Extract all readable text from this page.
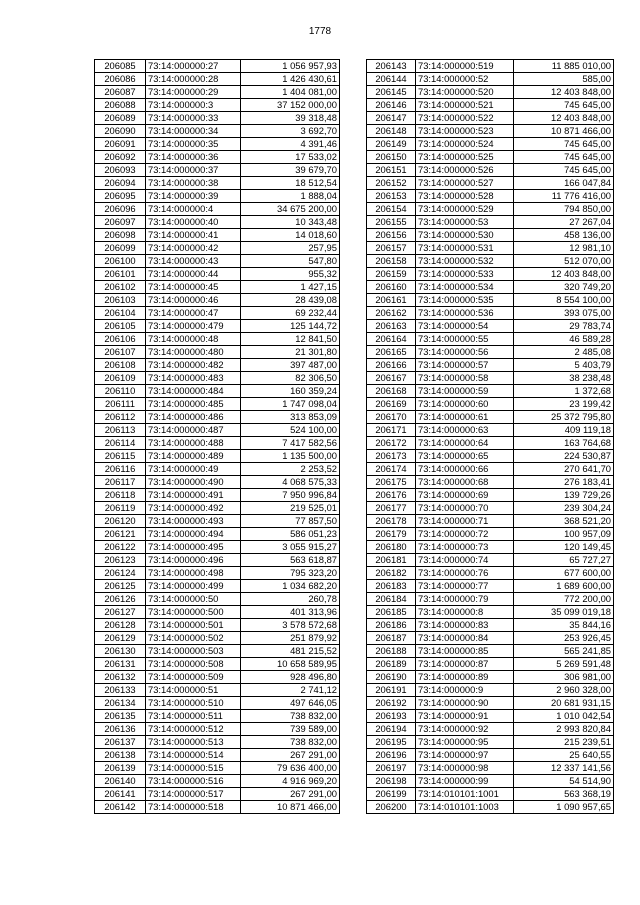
1778
206085	73:14:000000:27	1 056 957,93
206086	73:14:000000:28	1 426 430,61
206087	73:14:000000:29	1 404 081,00
206088	73:14:000000:3	37 152 000,00
206089	73:14:000000:33	39 318,48
206090	73:14:000000:34	3 692,70
206091	73:14:000000:35	4 391,46
206092	73:14:000000:36	17 533,02
206093	73:14:000000:37	39 679,70
206094	73:14:000000:38	18 512,54
206095	73:14:000000:39	1 888,04
206096	73:14:000000:4	34 675 200,00
206097	73:14:000000:40	10 343,48
206098	73:14:000000:41	14 018,60
206099	73:14:000000:42	257,95
206100	73:14:000000:43	547,80
206101	73:14:000000:44	955,32
206102	73:14:000000:45	1 427,15
206103	73:14:000000:46	28 439,08
206104	73:14:000000:47	69 232,44
206105	73:14:000000:479	125 144,72
206106	73:14:000000:48	12 841,50
206107	73:14:000000:480	21 301,80
206108	73:14:000000:482	397 487,00
206109	73:14:000000:483	82 306,50
206110	73:14:000000:484	160 359,24
206111	73:14:000000:485	1 747 098,04
206112	73:14:000000:486	313 853,09
206113	73:14:000000:487	524 100,00
206114	73:14:000000:488	7 417 582,56
206115	73:14:000000:489	1 135 500,00
206116	73:14:000000:49	2 253,52
206117	73:14:000000:490	4 068 575,33
206118	73:14:000000:491	7 950 996,84
206119	73:14:000000:492	219 525,01
206120	73:14:000000:493	77 857,50
206121	73:14:000000:494	586 051,23
206122	73:14:000000:495	3 055 915,27
206123	73:14:000000:496	563 618,87
206124	73:14:000000:498	795 323,20
206125	73:14:000000:499	1 034 682,20
206126	73:14:000000:50	260,78
206127	73:14:000000:500	401 313,96
206128	73:14:000000:501	3 578 572,68
206129	73:14:000000:502	251 879,92
206130	73:14:000000:503	481 215,52
206131	73:14:000000:508	10 658 589,95
206132	73:14:000000:509	928 496,80
206133	73:14:000000:51	2 741,12
206134	73:14:000000:510	497 646,05
206135	73:14:000000:511	738 832,00
206136	73:14:000000:512	739 589,00
206137	73:14:000000:513	738 832,00
206138	73:14:000000:514	267 291,00
206139	73:14:000000:515	79 636 400,00
206140	73:14:000000:516	4 916 969,20
206141	73:14:000000:517	267 291,00
206142	73:14:000000:518	10 871 466,00
206143	73:14:000000:519	11 885 010,00
206144	73:14:000000:52	585,00
206145	73:14:000000:520	12 403 848,00
206146	73:14:000000:521	745 645,00
206147	73:14:000000:522	12 403 848,00
206148	73:14:000000:523	10 871 466,00
206149	73:14:000000:524	745 645,00
206150	73:14:000000:525	745 645,00
206151	73:14:000000:526	745 645,00
206152	73:14:000000:527	166 047,84
206153	73:14:000000:528	11 776 416,00
206154	73:14:000000:529	794 850,00
206155	73:14:000000:53	27 267,04
206156	73:14:000000:530	458 136,00
206157	73:14:000000:531	12 981,10
206158	73:14:000000:532	512 070,00
206159	73:14:000000:533	12 403 848,00
206160	73:14:000000:534	320 749,20
206161	73:14:000000:535	8 554 100,00
206162	73:14:000000:536	393 075,00
206163	73:14:000000:54	29 783,74
206164	73:14:000000:55	46 589,28
206165	73:14:000000:56	2 485,08
206166	73:14:000000:57	5 403,79
206167	73:14:000000:58	38 238,48
206168	73:14:000000:59	1 372,68
206169	73:14:000000:60	23 199,42
206170	73:14:000000:61	25 372 795,80
206171	73:14:000000:63	409 119,18
206172	73:14:000000:64	163 764,68
206173	73:14:000000:65	224 530,87
206174	73:14:000000:66	270 641,70
206175	73:14:000000:68	276 183,41
206176	73:14:000000:69	139 729,26
206177	73:14:000000:70	239 304,24
206178	73:14:000000:71	368 521,20
206179	73:14:000000:72	100 957,09
206180	73:14:000000:73	120 149,45
206181	73:14:000000:74	65 727,27
206182	73:14:000000:76	677 600,00
206183	73:14:000000:77	1 689 600,00
206184	73:14:000000:79	772 200,00
206185	73:14:000000:8	35 099 019,18
206186	73:14:000000:83	35 844,16
206187	73:14:000000:84	253 926,45
206188	73:14:000000:85	565 241,85
206189	73:14:000000:87	5 269 591,48
206190	73:14:000000:89	306 981,00
206191	73:14:000000:9	2 960 328,00
206192	73:14:000000:90	20 681 931,15
206193	73:14:000000:91	1 010 042,54
206194	73:14:000000:92	2 993 820,84
206195	73:14:000000:95	215 239,51
206196	73:14:000000:97	25 640,55
206197	73:14:000000:98	12 337 141,56
206198	73:14:000000:99	54 514,90
206199	73:14:010101:1001	563 368,19
206200	73:14:010101:1003	1 090 957,65
